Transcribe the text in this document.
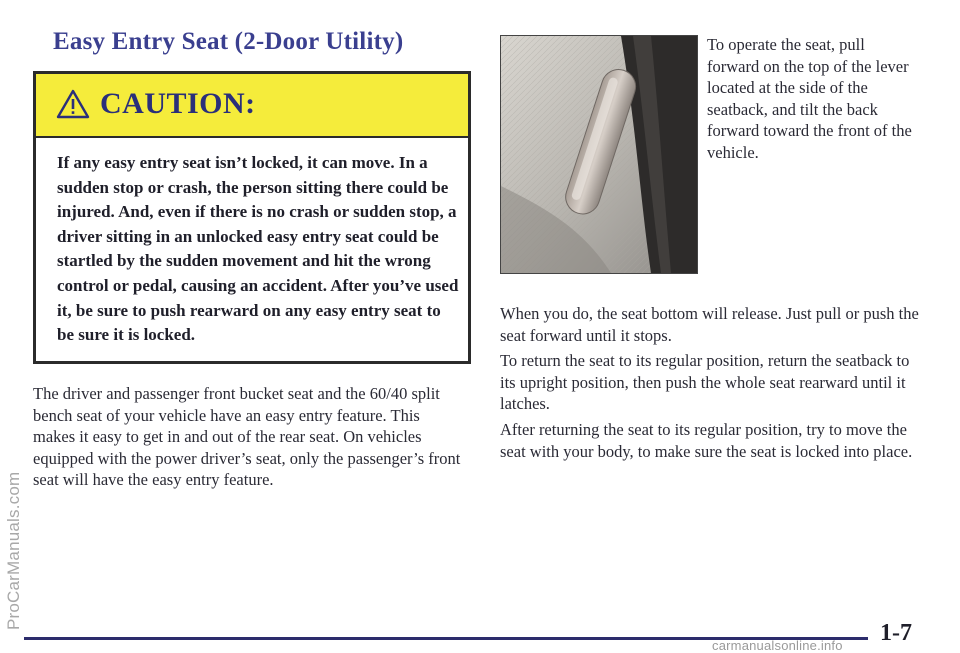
ProCarManuals.com
Easy Entry Seat (2-Door Utility)
CAUTION:

If any easy entry seat isn’t locked, it can move. In a sudden stop or crash, the person sitting there could be injured. And, even if there is no crash or sudden stop, a driver sitting in an unlocked easy entry seat could be startled by the sudden movement and hit the wrong control or pedal, causing an accident. After you’ve used it, be sure to push rearward on any easy entry seat to be sure it is locked.

The driver and passenger front bucket seat and the 60/40 split bench seat of your vehicle have an easy entry feature. This makes it easy to get in and out of the rear seat. On vehicles equipped with the power driver’s seat, only the passenger’s front seat will have the easy entry feature.

To operate the seat, pull forward on the top of the lever located at the side of the seatback, and tilt the back forward toward the front of the vehicle.

When you do, the seat bottom will release. Just pull or push the seat forward until it stops.

To return the seat to its regular position, return the seatback to its upright position, then push the whole seat rearward until it latches.

After returning the seat to its regular position, try to move the seat with your body, to make sure the seat is locked into place.

1-7
carmanualsonline.info
